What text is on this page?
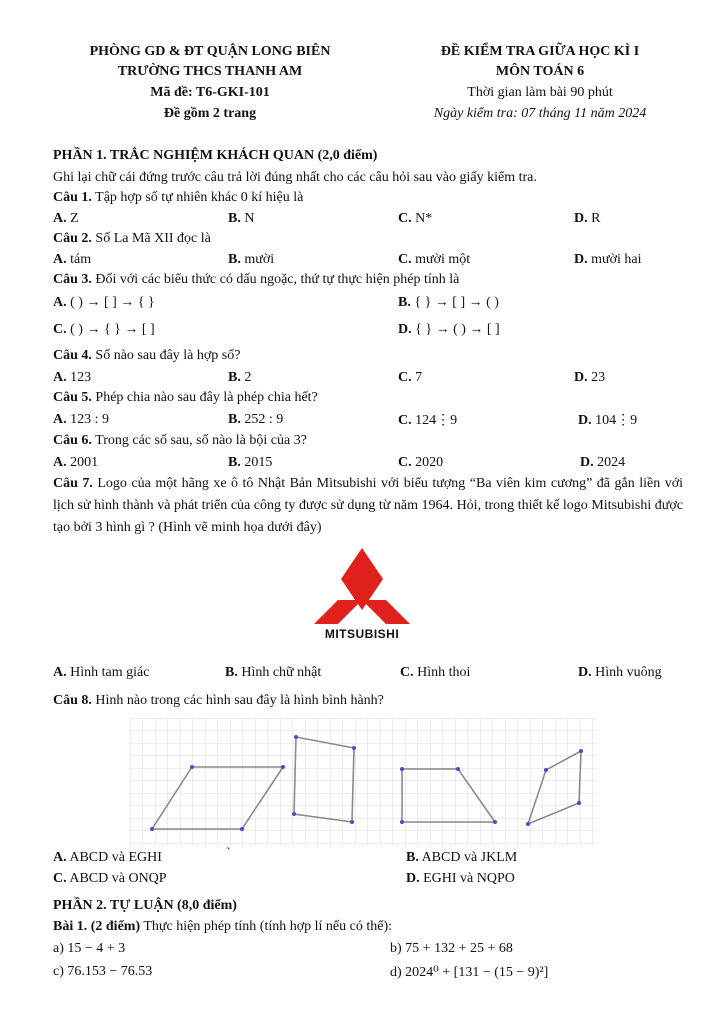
PHÒNG GD & ĐT QUẬN LONG BIÊN
TRƯỜNG THCS THANH AM
Mã đề: T6-GKI-101
Đề gồm 2 trang
ĐỀ KIỂM TRA GIỮA HỌC KÌ I
MÔN TOÁN 6
Thời gian làm bài 90 phút
Ngày kiểm tra: 07 tháng 11 năm 2024
PHẦN 1. TRẮC NGHIỆM KHÁCH QUAN (2,0 điểm)
Ghi lại chữ cái đứng trước câu trả lời đúng nhất cho các câu hỏi sau vào giấy kiểm tra.
Câu 1. Tập hợp số tự nhiên khác 0 kí hiệu là
A. Z	B. N	C. N*	D. R
Câu 2. Số La Mã XII đọc là
A. tám	B. mười	C. mười một	D. mười hai
Câu 3. Đối với các biểu thức có dấu ngoặc, thứ tự thực hiện phép tính là
A. ( ) → [ ] → { }	B. { } → [ ] → ( )
C. ( ) → { } → [ ]	D. { } → ( ) → [ ]
Câu 4. Số nào sau đây là hợp số?
A. 123	B. 2	C. 7	D. 23
Câu 5. Phép chia nào sau đây là phép chia hết?
A. 123 : 9	B. 252 : 9	C. 124⋮9	D. 104⋮9
Câu 6. Trong các số sau, số nào là bội của 3?
A. 2001	B. 2015	C. 2020	D. 2024
Câu 7. Logo của một hãng xe ô tô Nhật Bản Mitsubishi với biểu tượng “Ba viên kim cương” đã gắn liền với lịch sử hình thành và phát triển của công ty được sử dụng từ năm 1964. Hỏi, trong thiết kế logo Mitsubishi được tạo bởi 3 hình gì ? (Hình vẽ minh họa dưới đây)
MITSUBISHI
A. Hình tam giác	B. Hình chữ nhật	C. Hình thoi	D. Hình vuông
Câu 8. Hình nào trong các hình sau đây là hình bình hành?
A. ABCD và EGHI	`	B. ABCD và JKLM
C. ABCD và ONQP	D. EGHI và NQPO
PHẦN 2. TỰ LUẬN (8,0 điểm)
Bài 1. (2 điểm) Thực hiện phép tính (tính hợp lí nếu có thể):
a) 15 − 4 + 3	b) 75 + 132 + 25 + 68
c) 76.153 − 76.53	d) 2024⁰ + [131 − (15 − 9)²]
